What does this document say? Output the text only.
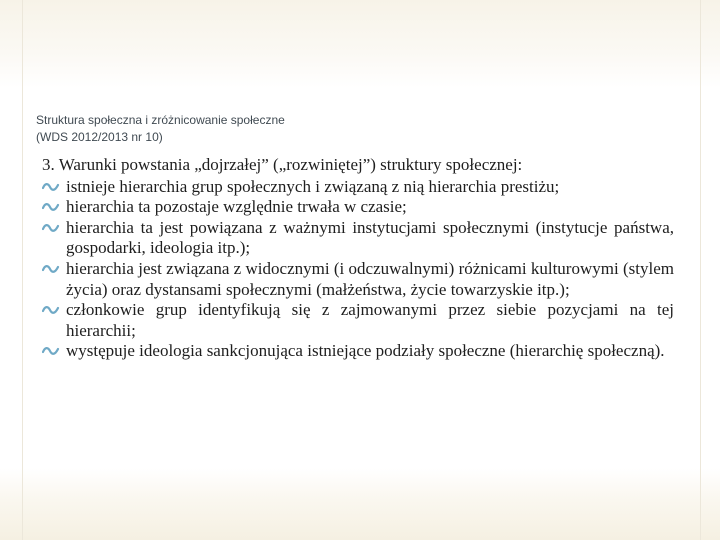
Struktura społeczna i zróżnicowanie społeczne
(WDS 2012/2013 nr 10)
3. Warunki powstania „dojrzałej” („rozwiniętej”) struktury społecznej:
istnieje hierarchia grup społecznych i związaną z nią hierarchia prestiżu;
hierarchia ta pozostaje względnie trwała w czasie;
hierarchia ta jest powiązana z ważnymi instytucjami społecznymi (instytucje państwa, gospodarki, ideologia itp.);
hierarchia jest związana z widocznymi (i odczuwalnymi) różnicami kulturowymi (stylem życia) oraz dystansami społecznymi (małżeństwa, życie towarzyskie itp.);
członkowie grup identyfikują się z zajmowanymi przez siebie pozycjami na tej hierarchii;
występuje ideologia sankcjonująca istniejące podziały społeczne (hierarchię społeczną).
